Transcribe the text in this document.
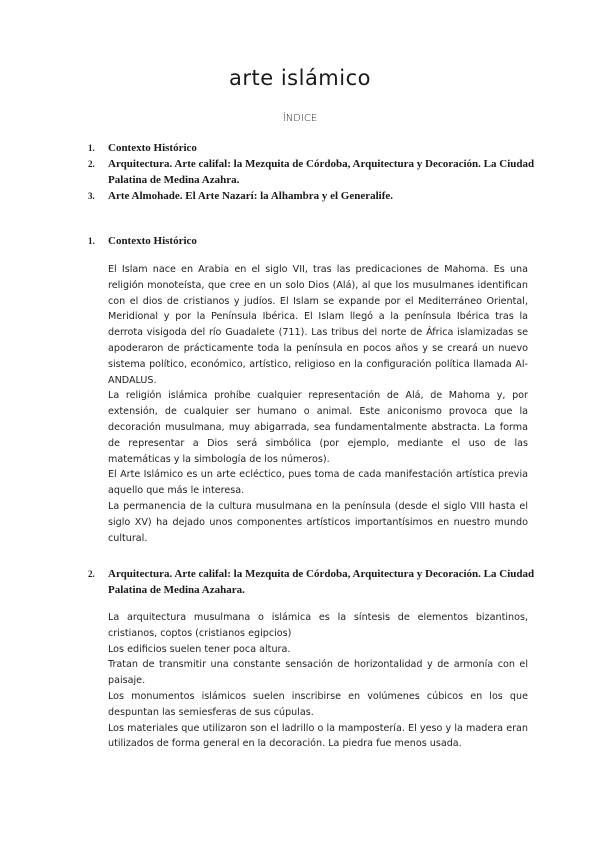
arte islámico
ÍNDICE
1.	Contexto Histórico
2.	Arquitectura. Arte califal: la Mezquita de Córdoba, Arquitectura y Decoración. La Ciudad Palatina de Medina Azahra.
3.	Arte Almohade. El Arte Nazarí: la Alhambra y el Generalife.
1.	Contexto Histórico

El Islam nace en Arabia en el siglo VII, tras las predicaciones de Mahoma. Es una religión monoteísta, que cree en un solo Dios (Alá), al que los musulmanes identifican con el dios de cristianos y judíos. El Islam se expande por el Mediterráneo Oriental, Meridional y por la Península Ibérica. El Islam llegó a la península Ibérica tras la derrota visigoda del río Guadalete (711). Las tribus del norte de África islamizadas se apoderaron de prácticamente toda la península en pocos años y se creará un nuevo sistema político, económico, artístico, religioso en la configuración política llamada Al-ANDALUS.

La religión islámica prohíbe cualquier representación de Alá, de Mahoma y, por extensión, de cualquier ser humano o animal. Este aniconismo provoca que la decoración musulmana, muy abigarrada, sea fundamentalmente abstracta. La forma de representar a Dios será simbólica (por ejemplo, mediante el uso de las matemáticas y la simbología de los números).

El Arte Islámico es un arte ecléctico, pues toma de cada manifestación artística previa aquello que más le interesa.

La permanencia de la cultura musulmana en la península (desde el siglo VIII hasta el siglo XV) ha dejado unos componentes artísticos importantísimos en nuestro mundo cultural.

2.	Arquitectura. Arte califal: la Mezquita de Córdoba, Arquitectura y Decoración. La Ciudad Palatina de Medina Azahara.

La arquitectura musulmana o islámica es la síntesis de elementos bizantinos, cristianos, coptos (cristianos egipcios)

Los edificios suelen tener poca altura.

Tratan de transmitir una constante sensación de horizontalidad y de armonía con el paisaje.

Los monumentos islámicos suelen inscribirse en volúmenes cúbicos en los que despuntan las semiesferas de sus cúpulas.

Los materiales que utilizaron son el ladrillo o la mampostería. El yeso y la madera eran utilizados de forma general en la decoración. La piedra fue menos usada.
